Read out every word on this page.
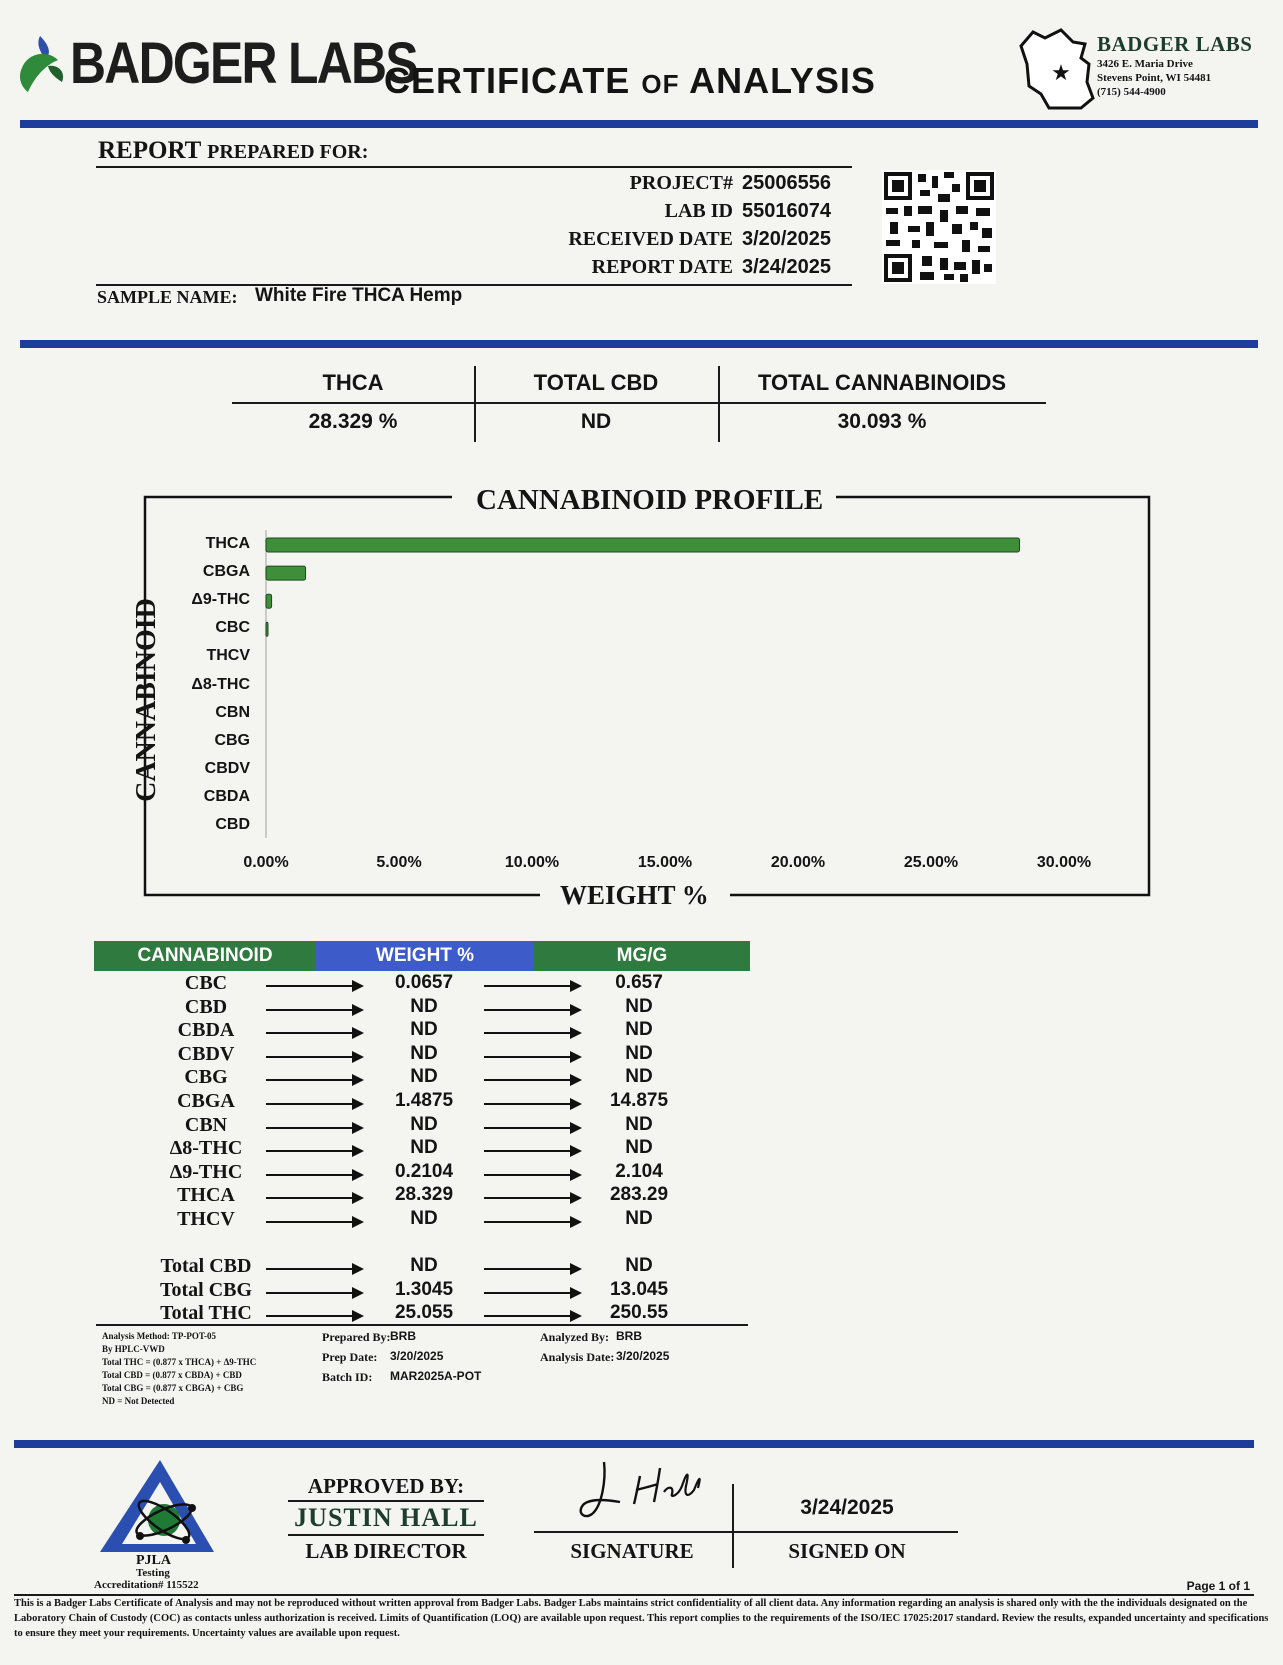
BADGER LABS
CERTIFICATE OF ANALYSIS	★
BADGER LABS
3426 E. Maria Drive
Stevens Point, WI 54481
(715) 544-4900
REPORT PREPARED FOR:
PROJECT# 25006556
LAB ID 55016074
RECEIVED DATE 3/20/2025
REPORT DATE 3/24/2025
SAMPLE NAME: White Fire THCA Hemp
THCA	TOTAL CBD	TOTAL CANNABINOIDS
28.329 %	ND	30.093 %
CANNABINOID PROFILE
WEIGHT %
CANNABINOID
THCA
CBGA
Δ9-THC
CBC
THCV
Δ8-THC
CBN
CBG
CBDV
CBDA
CBD
0.00%	5.00%	10.00%	15.00%	20.00%	25.00%	30.00%
CANNABINOID	WEIGHT %	MG/G
CBC	0.0657	0.657
CBD	ND	ND
CBDA	ND	ND
CBDV	ND	ND
CBG	ND	ND
CBGA	1.4875	14.875
CBN	ND	ND
Δ8-THC	ND	ND
Δ9-THC	0.2104	2.104
THCA	28.329	283.29
THCV	ND	ND
Total CBD	ND	ND
Total CBG	1.3045	13.045
Total THC	25.055	250.55
Analysis Method: TP-POT-05
By HPLC-VWD
Total THC = (0.877 x THCA) + Δ9-THC
Total CBD = (0.877 x CBDA) + CBD
Total CBG = (0.877 x CBGA) + CBG
ND = Not Detected
Prepared By: BRB
Prep Date: 3/20/2025
Batch ID: MAR2025A-POT
Analyzed By: BRB
Analysis Date: 3/20/2025
PJLA
Testing
Accreditation# 115522
APPROVED BY:
JUSTIN HALL
LAB DIRECTOR	SIGNATURE
3/24/2025
SIGNED ON
Page 1 of 1
This is a Badger Labs Certificate of Analysis and may not be reproduced without written approval from Badger Labs. Badger Labs maintains strict confidentiality of all client data. Any information regarding an analysis is shared only with the the individuals designated on the Laboratory Chain of Custody (COC) as contacts unless authorization is received. Limits of Quantification (LOQ) are available upon request. This report complies to the requirements of the ISO/IEC 17025:2017 standard. Review the results, expanded uncertainty and specifications to ensure they meet your requirements. Uncertainty values are available upon request.
